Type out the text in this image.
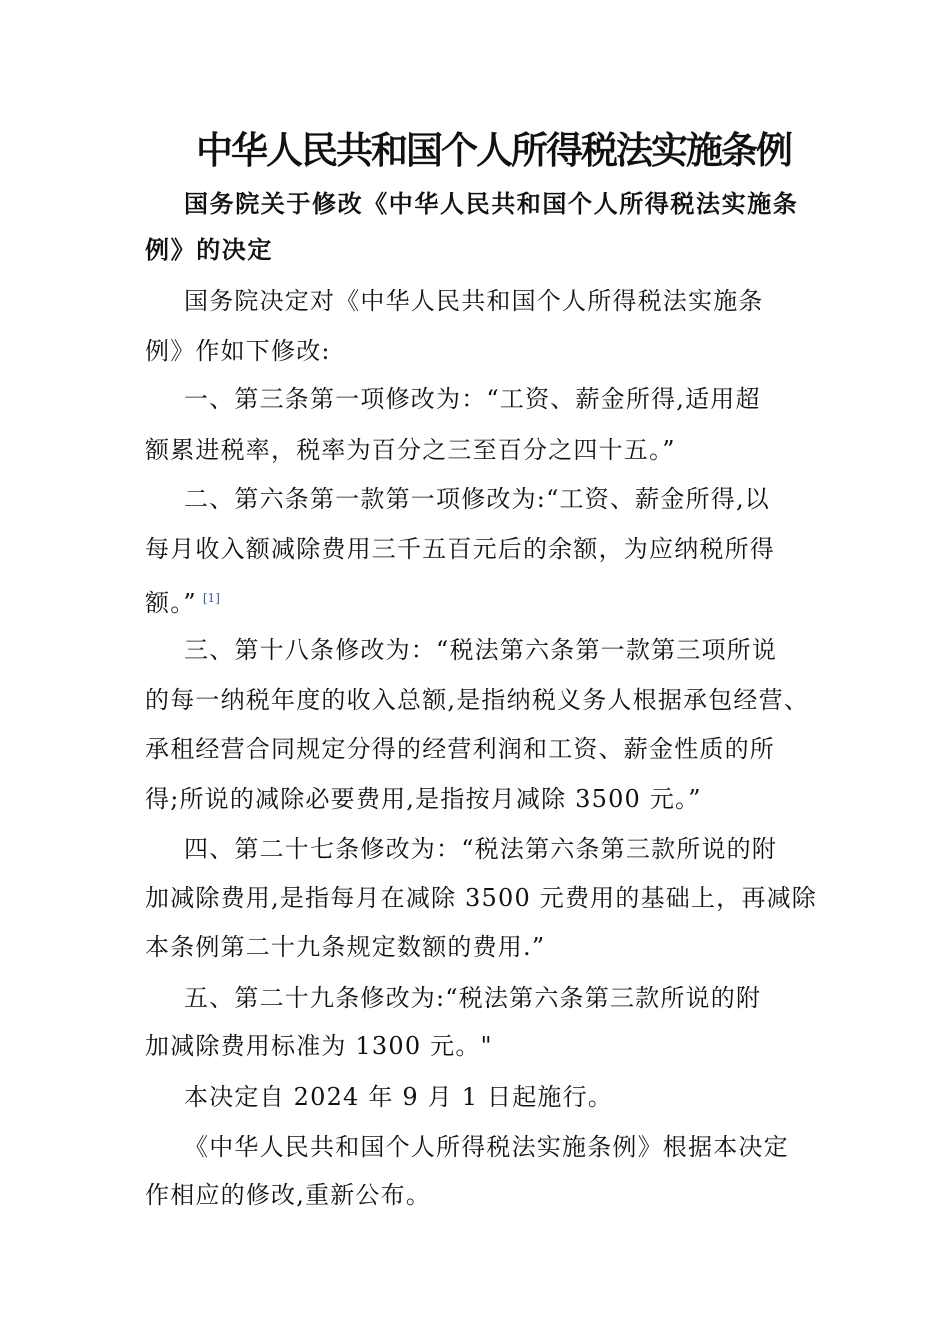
中华人民共和国个人所得税法实施条例
国务院关于修改《中华人民共和国个人所得税法实施条
例》的决定
国务院决定对《中华人民共和国个人所得税法实施条
例》作如下修改:
一、第三条第一项修改为：“工资、薪金所得,适用超
额累进税率，税率为百分之三至百分之四十五。”
二、第六条第一款第一项修改为:“工资、薪金所得,以
每月收入额减除费用三千五百元后的余额，为应纳税所得
额。” [1]
三、第十八条修改为：“税法第六条第一款第三项所说
的每一纳税年度的收入总额,是指纳税义务人根据承包经营、
承租经营合同规定分得的经营利润和工资、薪金性质的所
得;所说的减除必要费用,是指按月减除 3500 元。”
四、第二十七条修改为：“税法第六条第三款所说的附
加减除费用,是指每月在减除 3500 元费用的基础上，再减除
本条例第二十九条规定数额的费用.”
五、第二十九条修改为:“税法第六条第三款所说的附
加减除费用标准为 1300 元。"
本决定自 2024 年 9 月 1 日起施行。
《中华人民共和国个人所得税法实施条例》根据本决定
作相应的修改,重新公布。
